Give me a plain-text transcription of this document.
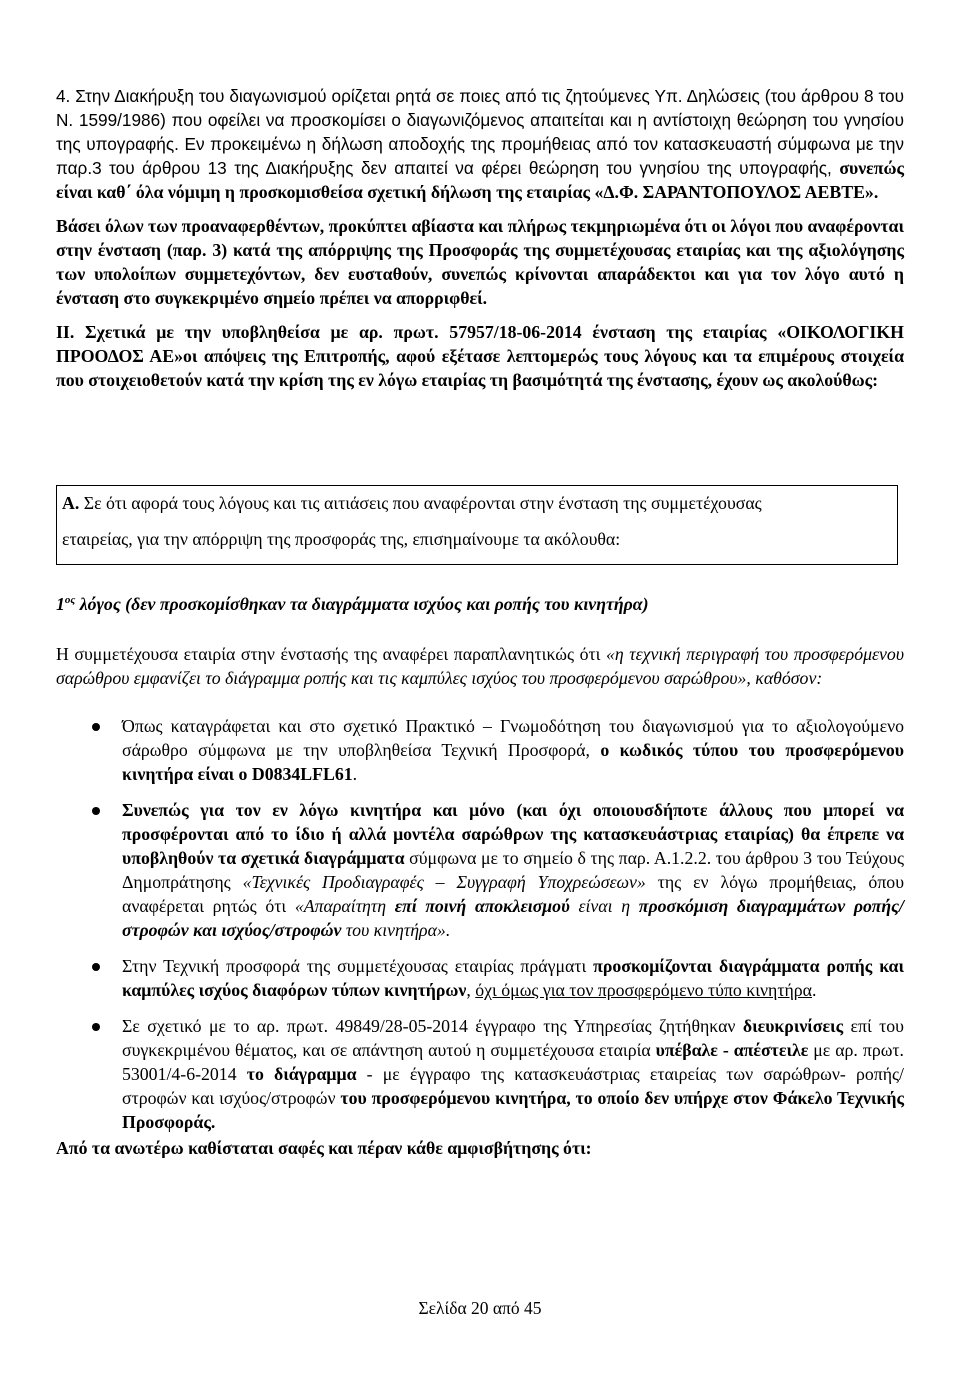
4. Στην Διακήρυξη του διαγωνισμού ορίζεται ρητά σε ποιες από τις ζητούμενες Υπ. Δηλώσεις (του άρθρου 8 του Ν. 1599/1986) που οφείλει να προσκομίσει ο διαγωνιζόμενος απαιτείται και η αντίστοιχη θεώρηση του γνησίου της υπογραφής. Εν προκειμένω η δήλωση αποδοχής της προμήθειας από τον κατασκευαστή σύμφωνα με την παρ.3 του άρθρου 13 της Διακήρυξης δεν απαιτεί να φέρει θεώρηση του γνησίου της υπογραφής, συνεπώς είναι καθ΄ όλα νόμιμη η προσκομισθείσα σχετική δήλωση της εταιρίας «Δ.Φ. ΣΑΡΑΝΤΟΠΟΥΛΟΣ ΑΕΒΤΕ».

Βάσει όλων των προαναφερθέντων, προκύπτει αβίαστα και πλήρως τεκμηριωμένα ότι οι λόγοι που αναφέρονται στην ένσταση (παρ. 3) κατά της απόρριψης της Προσφοράς της συμμετέχουσας εταιρίας και της αξιολόγησης των υπολοίπων συμμετεχόντων, δεν ευσταθούν, συνεπώς κρίνονται απαράδεκτοι και για τον λόγο αυτό η ένσταση στο συγκεκριμένο σημείο πρέπει να απορριφθεί.

ΙΙ. Σχετικά με την υποβληθείσα με αρ. πρωτ. 57957/18-06-2014 ένσταση της εταιρίας «ΟΙΚΟΛΟΓΙΚΗ ΠΡΟΟΔΟΣ ΑΕ»οι απόψεις της Επιτροπής, αφού εξέτασε λεπτομερώς τους λόγους και τα επιμέρους στοιχεία που στοιχειοθετούν κατά την κρίση της εν λόγω εταιρίας τη βασιμότητά της ένστασης, έχουν ως ακολούθως:

Α. Σε ότι αφορά τους λόγους και τις αιτιάσεις που αναφέρονται στην ένσταση της συμμετέχουσας

εταιρείας, για την απόρριψη της προσφοράς της, επισημαίνουμε τα ακόλουθα:

$1^{o\varsigma}$ λόγος (δεν προσκομίσθηκαν τα διαγράμματα ισχύος και ροπής του κινητήρα)

Η συμμετέχουσα εταιρία στην ένστασής της αναφέρει παραπλανητικώς ότι «η τεχνική περιγραφή του προσφερόμενου σαρώθρου εμφανίζει το διάγραμμα ροπής και τις καμπύλες ισχύος του προσφερόμενου σαρώθρου», καθόσον:

Όπως καταγράφεται και στο σχετικό Πρακτικό – Γνωμοδότηση του διαγωνισμού για το αξιολογούμενο σάρωθρο σύμφωνα με την υποβληθείσα Τεχνική Προσφορά, ο κωδικός τύπου του προσφερόμενου κινητήρα είναι ο D0834LFL61.
Συνεπώς για τον εν λόγω κινητήρα και μόνο (και όχι οποιουσδήποτε άλλους που μπορεί να προσφέρονται από το ίδιο ή αλλά μοντέλα σαρώθρων της κατασκευάστριας εταιρίας) θα έπρεπε να υποβληθούν τα σχετικά διαγράμματα σύμφωνα με το σημείο δ της παρ. Α.1.2.2. του άρθρου 3 του Τεύχους Δημοπράτησης «Τεχνικές Προδιαγραφές – Συγγραφή Υποχρεώσεων» της εν λόγω προμήθειας, όπου αναφέρεται ρητώς ότι «Απαραίτητη επί ποινή αποκλεισμού είναι η προσκόμιση διαγραμμάτων ροπής/στροφών και ισχύος/στροφών του κινητήρα».
Στην Τεχνική προσφορά της συμμετέχουσας εταιρίας πράγματι προσκομίζονται διαγράμματα ροπής και καμπύλες ισχύος διαφόρων τύπων κινητήρων, όχι όμως για τον προσφερόμενο τύπο κινητήρα.
Σε σχετικό με το αρ. πρωτ. 49849/28-05-2014 έγγραφο της Υπηρεσίας ζητήθηκαν διευκρινίσεις επί του συγκεκριμένου θέματος, και σε απάντηση αυτού η συμμετέχουσα εταιρία υπέβαλε - απέστειλε με αρ. πρωτ. 53001/4-6-2014 το διάγραμμα - με έγγραφο της κατασκευάστριας εταιρείας των σαρώθρων- ροπής/στροφών και ισχύος/στροφών του προσφερόμενου κινητήρα, το οποίο δεν υπήρχε στον Φάκελο Τεχνικής Προσφοράς.

Από τα ανωτέρω καθίσταται σαφές και πέραν κάθε αμφισβήτησης ότι:

Σελίδα 20 από 45
